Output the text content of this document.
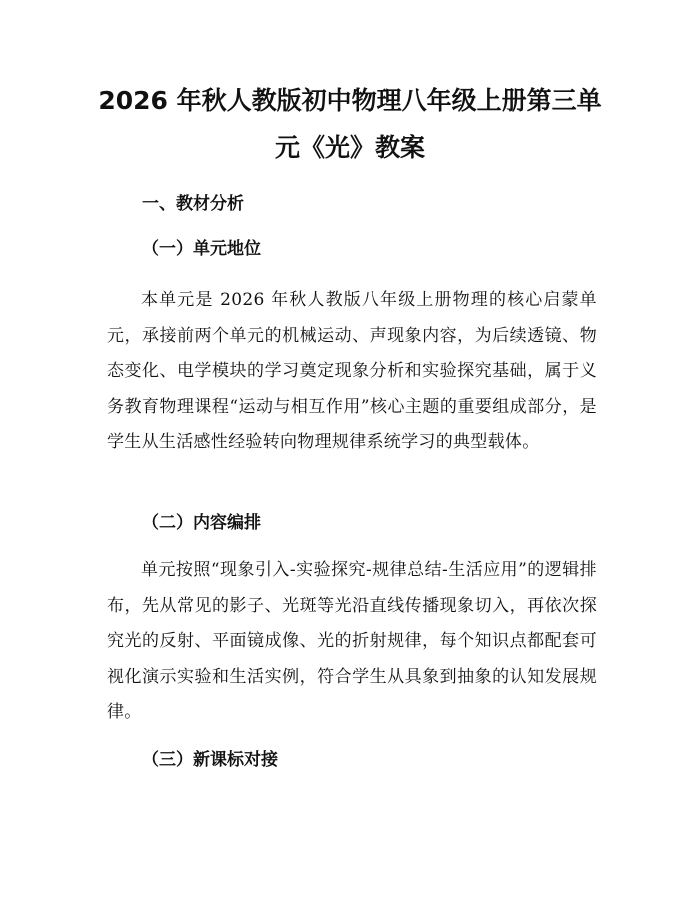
2026 年秋人教版初中物理八年级上册第三单
元《光》教案
一、教材分析
（一）单元地位

本单元是 2026 年秋人教版八年级上册物理的核心启蒙单元，承接前两个单元的机械运动、声现象内容，为后续透镜、物态变化、电学模块的学习奠定现象分析和实验探究基础，属于义务教育物理课程“运动与相互作用”核心主题的重要组成部分，是学生从生活感性经验转向物理规律系统学习的典型载体。

（二）内容编排

单元按照“现象引入-实验探究-规律总结-生活应用”的逻辑排布，先从常见的影子、光斑等光沿直线传播现象切入，再依次探究光的反射、平面镜成像、光的折射规律，每个知识点都配套可视化演示实验和生活实例，符合学生从具象到抽象的认知发展规律。

（三）新课标对接
